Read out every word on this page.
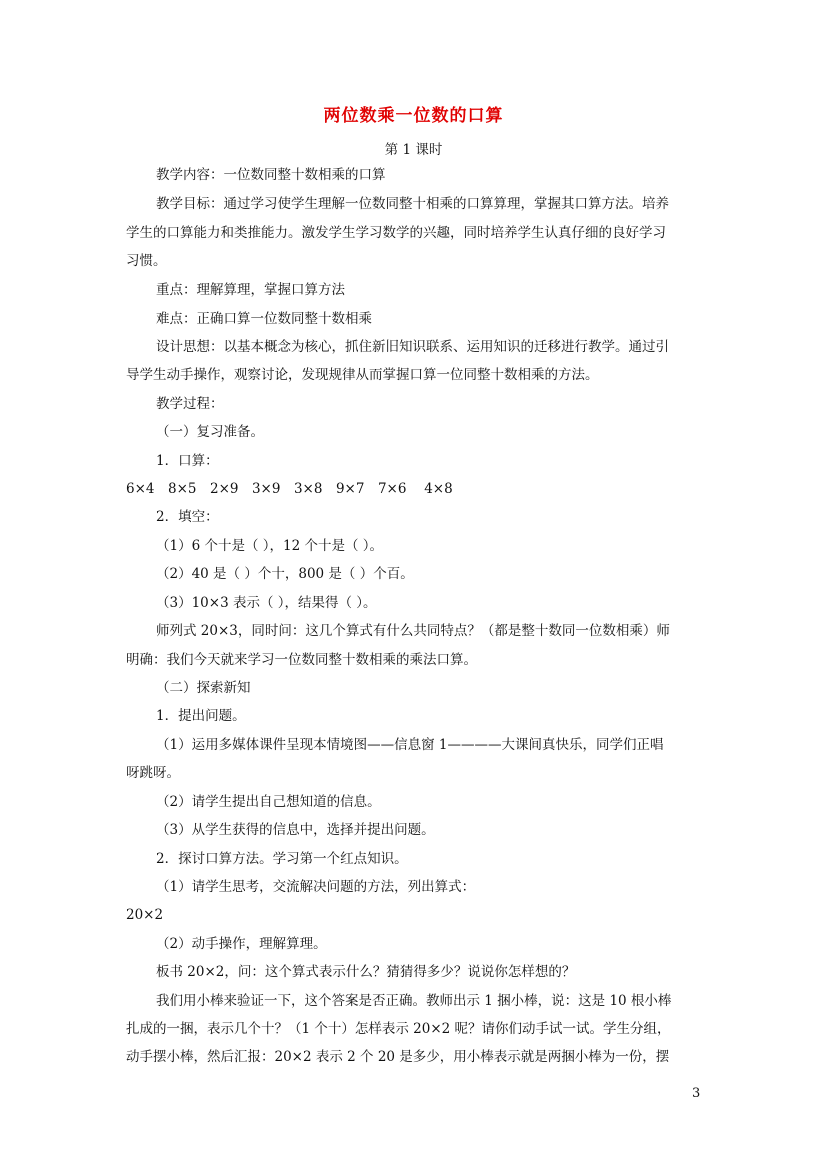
两位数乘一位数的口算
第 1 课时
教学内容：一位数同整十数相乘的口算
教学目标：通过学习使学生理解一位数同整十相乘的口算算理，掌握其口算方法。培养
学生的口算能力和类推能力。激发学生学习数学的兴趣，同时培养学生认真仔细的良好学习
习惯。
重点：理解算理，掌握口算方法
难点：正确口算一位数同整十数相乘
设计思想：以基本概念为核心，抓住新旧知识联系、运用知识的迁移进行教学。通过引
导学生动手操作，观察讨论，发现规律从而掌握口算一位同整十数相乘的方法。
教学过程：
（一）复习准备。
1．口算：
6×4　8×5　2×9　3×9　3×8　9×7　7×6　 4×8
2．填空：
（1）6 个十是（ ），12 个十是（ ）。
（2）40 是（ ）个十，800 是（ ）个百。
（3）10×3 表示（ ），结果得（ ）。
师列式 20×3，同时问：这几个算式有什么共同特点？（都是整十数同一位数相乘）师
明确：我们今天就来学习一位数同整十数相乘的乘法口算。
（二）探索新知
1．提出问题。
（1）运用多媒体课件呈现本情境图——信息窗 1————大课间真快乐，同学们正唱
呀跳呀。
（2）请学生提出自己想知道的信息。
（3）从学生获得的信息中，选择并提出问题。
2．探讨口算方法。学习第一个红点知识。
（1）请学生思考，交流解决问题的方法，列出算式：
20×2
（2）动手操作，理解算理。
板书 20×2，问：这个算式表示什么？猜猜得多少？说说你怎样想的？
我们用小棒来验证一下，这个答案是否正确。教师出示 1 捆小棒，说：这是 10 根小棒
扎成的一捆，表示几个十？（1 个十）怎样表示 20×2 呢？请你们动手试一试。学生分组，
动手摆小棒，然后汇报：20×2 表示 2 个 20 是多少，用小棒表示就是两捆小棒为一份，摆
3
